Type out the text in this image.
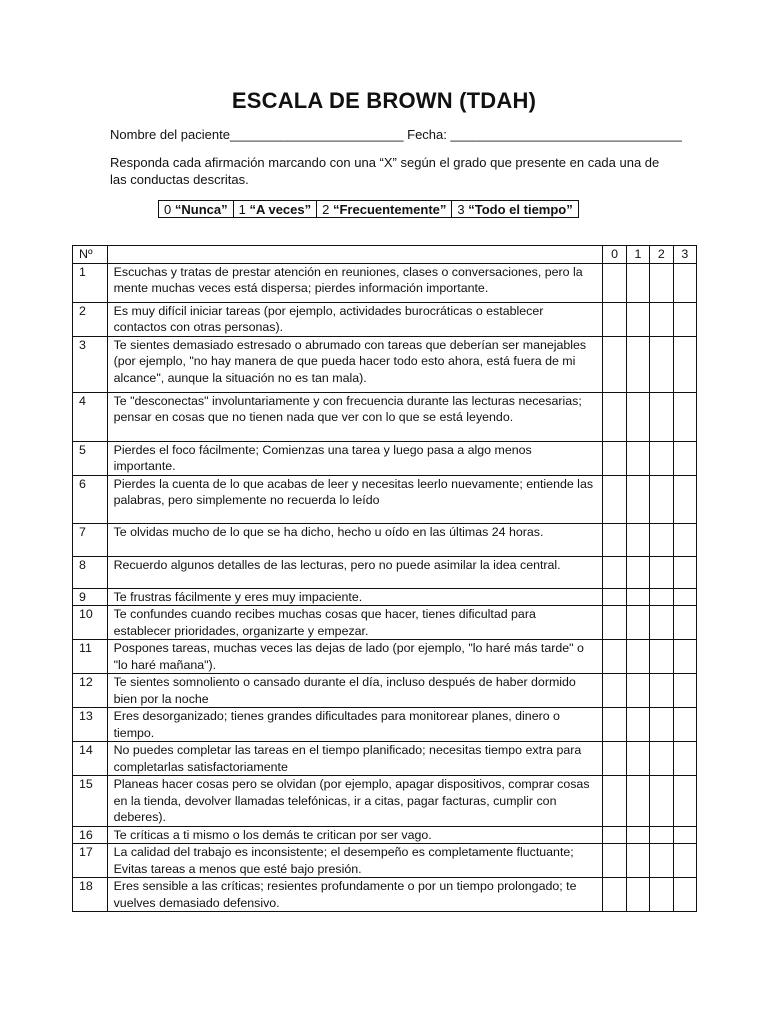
ESCALA DE BROWN (TDAH)
Nombre del paciente________________________ Fecha: ________________________________
Responda cada afirmación marcando con una “X” según el grado que presente en cada una de las conductas descritas.
0 “Nunca”	1 “A veces”	2 “Frecuentemente”	3 “Todo el tiempo”
Nº		0	1	2	3
1	Escuchas y tratas de prestar atención en reuniones, clases o conversaciones, pero la mente muchas veces está dispersa; pierdes información importante.				
2	Es muy difícil iniciar tareas (por ejemplo, actividades burocráticas o establecer contactos con otras personas).				
3	Te sientes demasiado estresado o abrumado con tareas que deberían ser manejables (por ejemplo, "no hay manera de que pueda hacer todo esto ahora, está fuera de mi alcance", aunque la situación no es tan mala).				
4	Te "desconectas" involuntariamente y con frecuencia durante las lecturas necesarias; pensar en cosas que no tienen nada que ver con lo que se está leyendo.				
5	Pierdes el foco fácilmente; Comienzas una tarea y luego pasa a algo menos importante.				
6	Pierdes la cuenta de lo que acabas de leer y necesitas leerlo nuevamente; entiende las palabras, pero simplemente no recuerda lo leído				
7	Te olvidas mucho de lo que se ha dicho, hecho u oído en las últimas 24 horas.				
8	Recuerdo algunos detalles de las lecturas, pero no puede asimilar la idea central.				
9	Te frustras fácilmente y eres muy impaciente.				
10	Te confundes cuando recibes muchas cosas que hacer, tienes dificultad para establecer prioridades, organizarte y empezar.				
11	Pospones tareas, muchas veces las dejas de lado (por ejemplo, "lo haré más tarde" o "lo haré mañana").				
12	Te sientes somnoliento o cansado durante el día, incluso después de haber dormido bien por la noche				
13	Eres desorganizado; tienes grandes dificultades para monitorear planes, dinero o tiempo.				
14	No puedes completar las tareas en el tiempo planificado; necesitas tiempo extra para completarlas satisfactoriamente				
15	Planeas hacer cosas pero se olvidan (por ejemplo, apagar dispositivos, comprar cosas en la tienda, devolver llamadas telefónicas, ir a citas, pagar facturas, cumplir con deberes).				
16	Te críticas a ti mismo o los demás te critican por ser vago.				
17	La calidad del trabajo es inconsistente; el desempeño es completamente fluctuante; Evitas tareas a menos que esté bajo presión.				
18	Eres sensible a las críticas; resientes profundamente o por un tiempo prolongado; te vuelves demasiado defensivo.				
